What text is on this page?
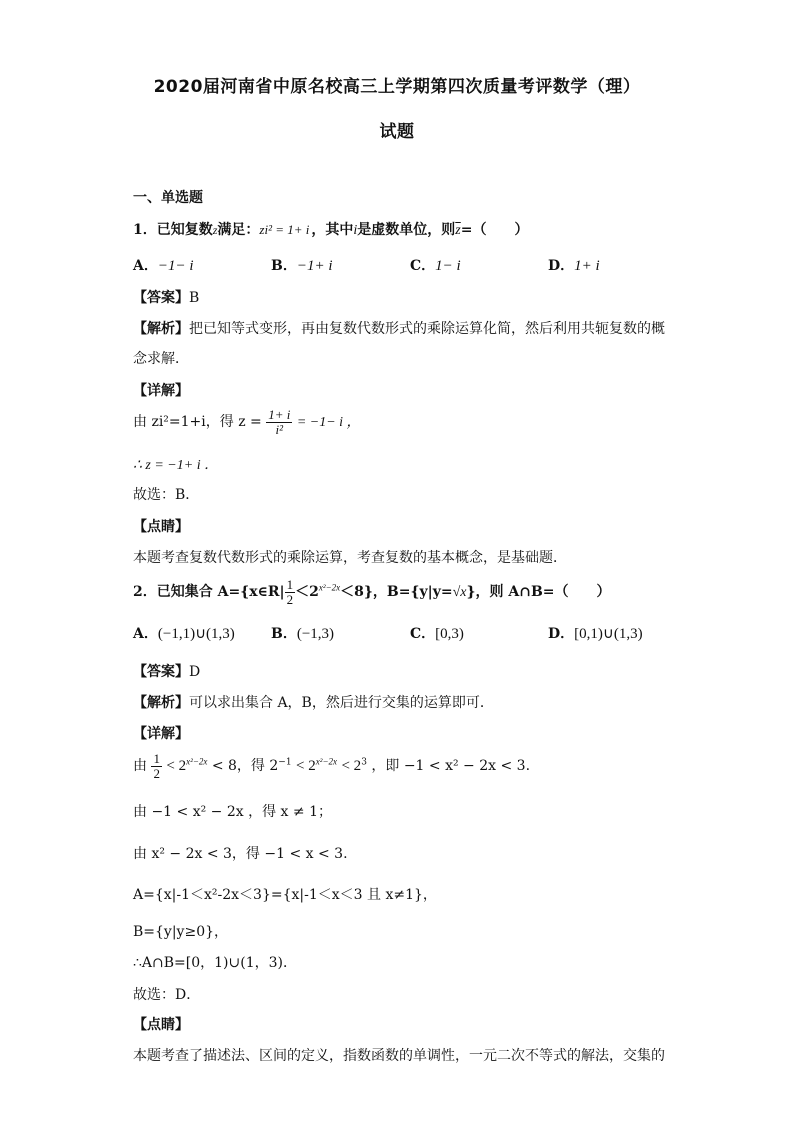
2020届河南省中原名校高三上学期第四次质量考评数学（理）
试题
一、单选题
1．已知复数z满足：zi² = 1+ i ，其中i是虚数单位，则$\overline{z}=$（　　）
A．−1− i	B．−1+ i	C．1− i	D．1+ i
【答案】B
【解析】把已知等式变形，再由复数代数形式的乘除运算化简，然后利用共轭复数的概
念求解．
【详解】
由 zi²=1+i，得 $z = \frac{1+ i}{\text{i²}} = -1- i$ ，
∴ z = −1+ i ．
故选：B．
【点睛】
本题考查复数代数形式的乘除运算，考查复数的基本概念，是基础题．
2．已知集合 A={x∈R| $\frac{1}{2} <2^{x^2-2x}<8$}，B={y|y=√x}，则 A∩B=（　　）
A．(−1,1)∪(1,3)	B．(−1,3)	C．[0,3)	D．[0,1)∪(1,3)
【答案】D
【解析】可以求出集合 A，B，然后进行交集的运算即可．
【详解】
由 $\frac{1}{2} < 2^{x^2-2x} < 8$，得 $2^{-1} < 2^{x^2-2x} < 2^3$ ，即 −1 < x² − 2x < 3.
由 −1 < x² − 2x ，得 x ≠ 1；
由 x² − 2x < 3，得 −1 < x < 3.
A={x|-1＜x²-2x＜3}={x|-1＜x＜3 且 x≠1}，
B={y|y≥0}，
∴A∩B=[0，1)∪(1，3)．
故选：D．
【点睛】
本题考查了描述法、区间的定义，指数函数的单调性，一元二次不等式的解法，交集的
